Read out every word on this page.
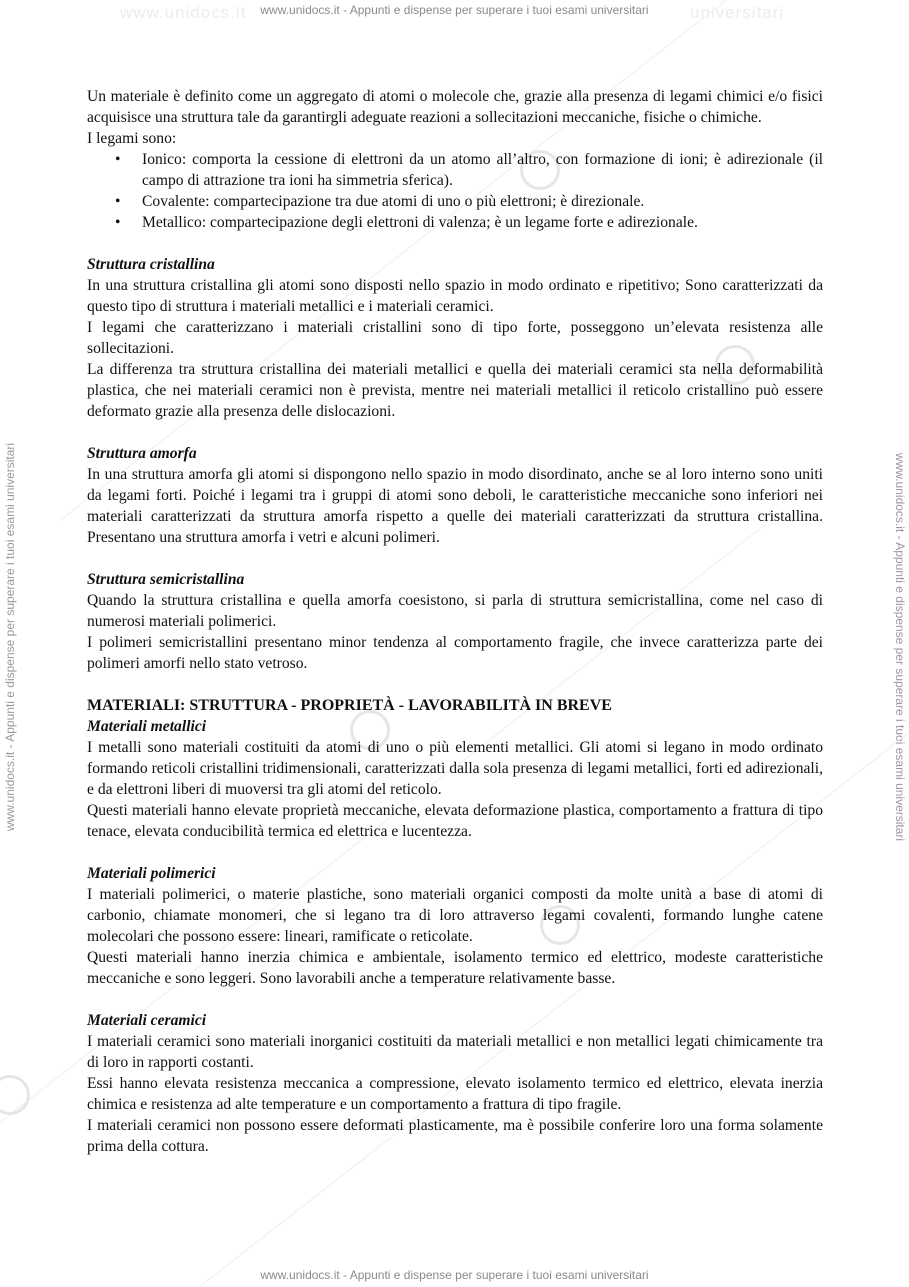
www.unidocs.it	universitari
www.unidocs.it - Appunti e dispense per superare i tuoi esami universitari
www.unidocs.it - Appunti e dispense per superare i tuoi esami universitari
www.unidocs.it - Appunti e dispense per superare i tuoi esami universitari	www.unidocs.it - Appunti e dispense per superare i tuoi esami universitari

Un materiale è definito come un aggregato di atomi o molecole che, grazie alla presenza di legami chimici e/o fisici acquisisce una struttura tale da garantirgli adeguate reazioni a sollecitazioni meccaniche, fisiche o chimiche.

I legami sono:

• Ionico: comporta la cessione di elettroni da un atomo all’altro, con formazione di ioni; è adirezionale (il campo di attrazione tra ioni ha simmetria sferica).
• Covalente: compartecipazione tra due atomi di uno o più elettroni; è direzionale.
• Metallico: compartecipazione degli elettroni di valenza; è un legame forte e adirezionale.

Struttura cristallina

In una struttura cristallina gli atomi sono disposti nello spazio in modo ordinato e ripetitivo; Sono caratterizzati da questo tipo di struttura i materiali metallici e i materiali ceramici.

I legami che caratterizzano i materiali cristallini sono di tipo forte, posseggono un’elevata resistenza alle sollecitazioni.

La differenza tra struttura cristallina dei materiali metallici e quella dei materiali ceramici sta nella deformabilità plastica, che nei materiali ceramici non è prevista, mentre nei materiali metallici il reticolo cristallino può essere deformato grazie alla presenza delle dislocazioni.

Struttura amorfa

In una struttura amorfa gli atomi si dispongono nello spazio in modo disordinato, anche se al loro interno sono uniti da legami forti. Poiché i legami tra i gruppi di atomi sono deboli, le caratteristiche meccaniche sono inferiori nei materiali caratterizzati da struttura amorfa rispetto a quelle dei materiali caratterizzati da struttura cristallina. Presentano una struttura amorfa i vetri e alcuni polimeri.

Struttura semicristallina

Quando la struttura cristallina e quella amorfa coesistono, si parla di struttura semicristallina, come nel caso di numerosi materiali polimerici.

I polimeri semicristallini presentano minor tendenza al comportamento fragile, che invece caratterizza parte dei polimeri amorfi nello stato vetroso.

MATERIALI: STRUTTURA - PROPRIETÀ - LAVORABILITÀ IN BREVE

Materiali metallici

I metalli sono materiali costituiti da atomi di uno o più elementi metallici. Gli atomi si legano in modo ordinato formando reticoli cristallini tridimensionali, caratterizzati dalla sola presenza di legami metallici, forti ed adirezionali, e da elettroni liberi di muoversi tra gli atomi del reticolo.

Questi materiali hanno elevate proprietà meccaniche, elevata deformazione plastica, comportamento a frattura di tipo tenace, elevata conducibilità termica ed elettrica e lucentezza.

Materiali polimerici

I materiali polimerici, o materie plastiche, sono materiali organici composti da molte unità a base di atomi di carbonio, chiamate monomeri, che si legano tra di loro attraverso legami covalenti, formando lunghe catene molecolari che possono essere: lineari, ramificate o reticolate.

Questi materiali hanno inerzia chimica e ambientale, isolamento termico ed elettrico, modeste caratteristiche meccaniche e sono leggeri. Sono lavorabili anche a temperature relativamente basse.

Materiali ceramici

I materiali ceramici sono materiali inorganici costituiti da materiali metallici e non metallici legati chimicamente tra di loro in rapporti costanti.

Essi hanno elevata resistenza meccanica a compressione, elevato isolamento termico ed elettrico, elevata inerzia chimica e resistenza ad alte temperature e un comportamento a frattura di tipo fragile.

I materiali ceramici non possono essere deformati plasticamente, ma è possibile conferire loro una forma solamente prima della cottura.
